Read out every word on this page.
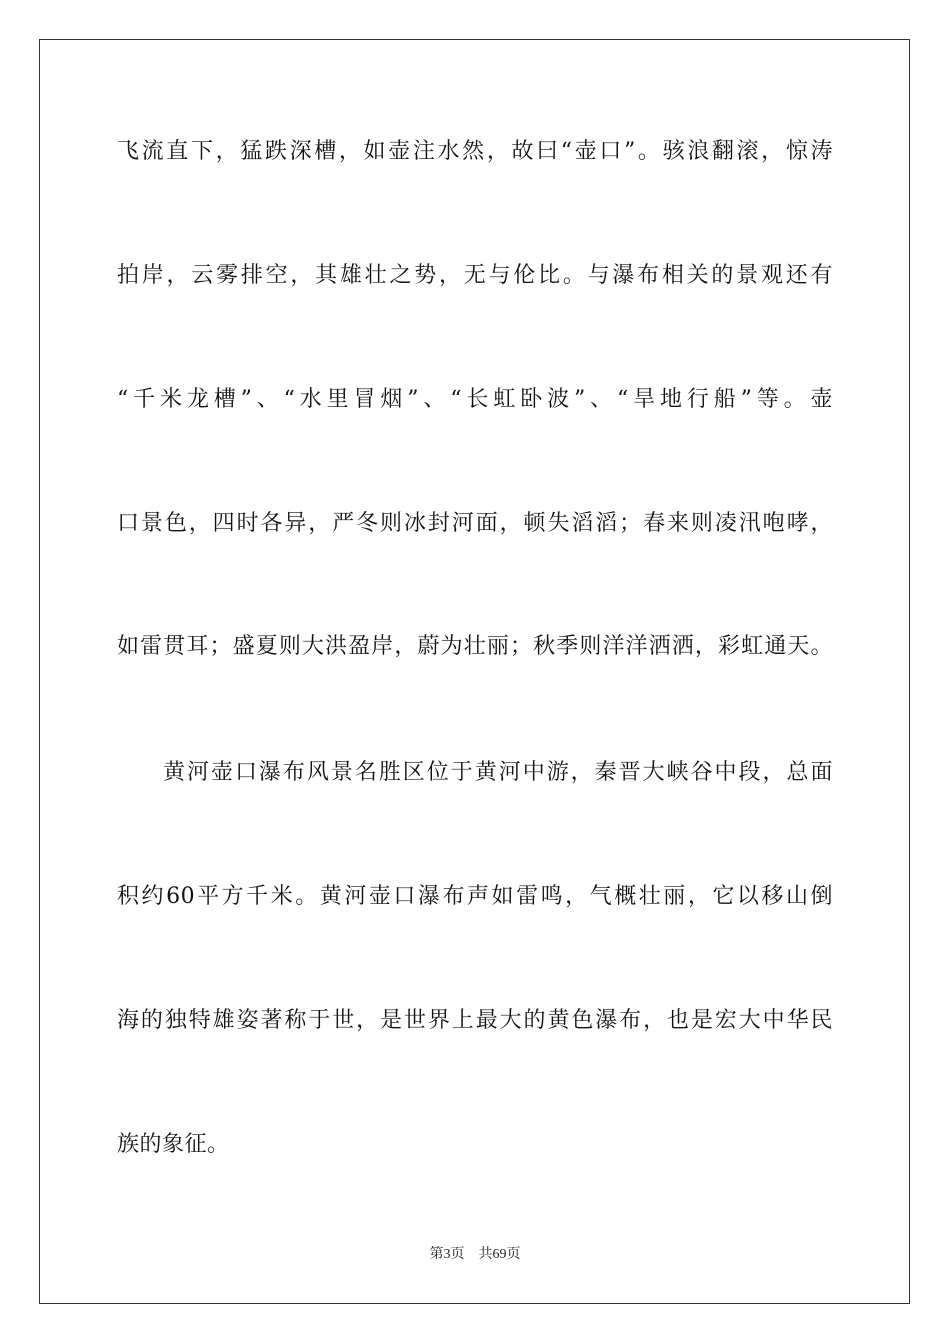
飞流直下，猛跌深槽，如壶注水然，故曰“壶口”。骇浪翻滚，惊涛
拍岸，云雾排空，其雄壮之势，无与伦比。与瀑布相关的景观还有
“千米龙槽”、“水里冒烟”、“长虹卧波”、“旱地行船”等。壶
口景色，四时各异，严冬则冰封河面，顿失滔滔；春来则凌汛咆哮，
如雷贯耳；盛夏则大洪盈岸，蔚为壮丽；秋季则洋洋洒洒，彩虹通天。
黄河壶口瀑布风景名胜区位于黄河中游，秦晋大峡谷中段，总面
积约60平方千米。黄河壶口瀑布声如雷鸣，气概壮丽，它以移山倒
海的独特雄姿著称于世，是世界上最大的黄色瀑布，也是宏大中华民
族的象征。
第3页 共69页
